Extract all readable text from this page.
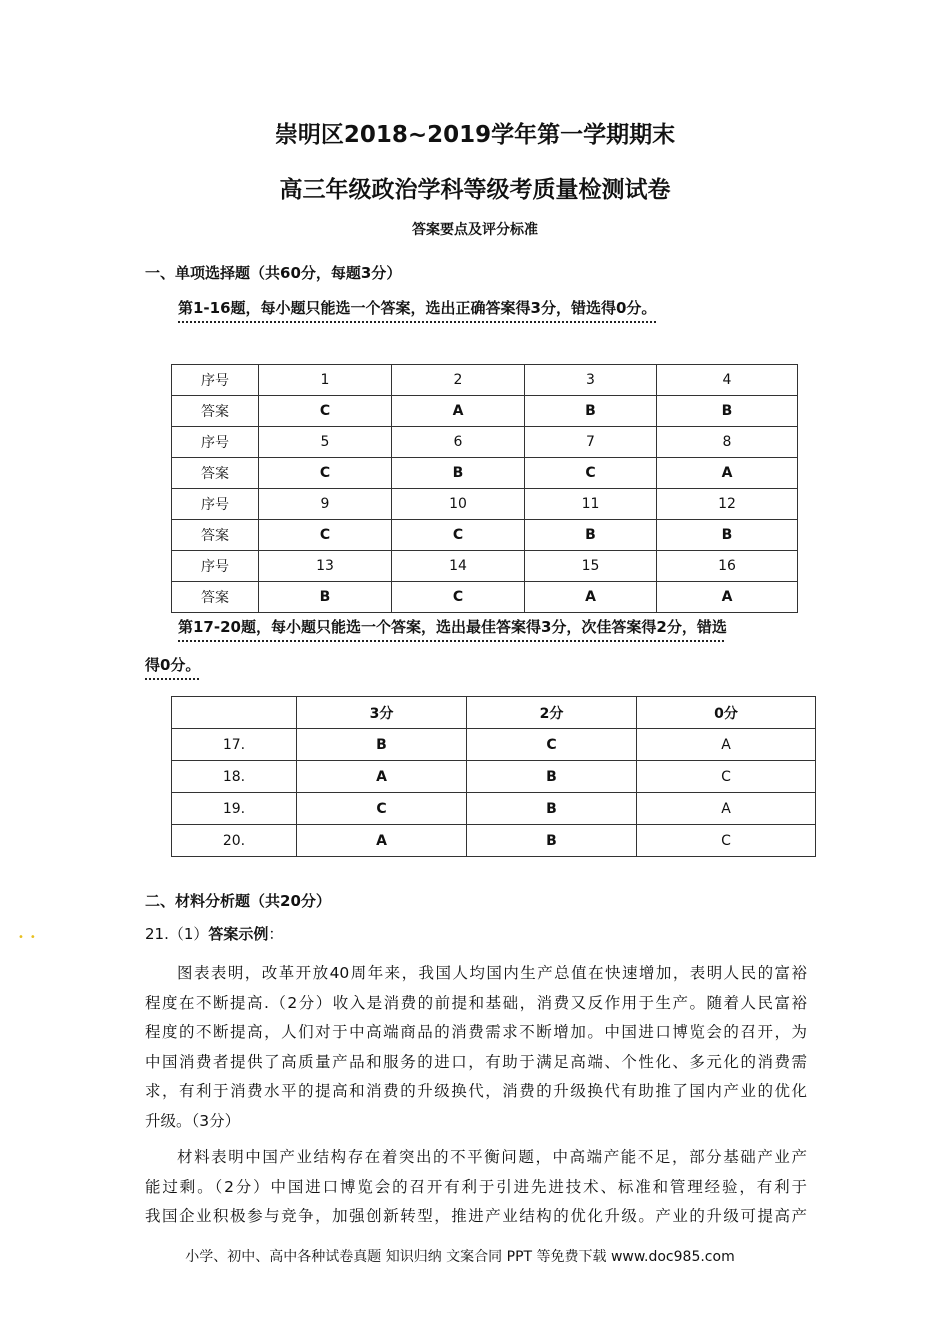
崇明区2018~2019学年第一学期期末
高三年级政治学科等级考质量检测试卷
答案要点及评分标准
一、单项选择题（共60分，每题3分）
第1-16题，每小题只能选一个答案，选出正确答案得3分，错选得0分。
序号	1	2	3	4
答案	C	A	B	B
序号	5	6	7	8
答案	C	B	C	A
序号	9	10	11	12
答案	C	C	B	B
序号	13	14	15	16
答案	B	C	A	A
第17-20题，每小题只能选一个答案，选出最佳答案得3分，次佳答案得2分，错选
得0分。
	3分	2分	0分
17.	B	C	A
18.	A	B	C
19.	C	B	A
20.	A	B	C
二、材料分析题（共20分）
••	21.（1）答案示例：
图表表明，改革开放40周年来，我国人均国内生产总值在快速增加，表明人民的富裕
程度在不断提高.（2分）收入是消费的前提和基础，消费又反作用于生产。随着人民富裕
程度的不断提高，人们对于中高端商品的消费需求不断增加。中国进口博览会的召开，为
中国消费者提供了高质量产品和服务的进口，有助于满足高端、个性化、多元化的消费需
求，有利于消费水平的提高和消费的升级换代，消费的升级换代有助推了国内产业的优化
升级。（3分）
材料表明中国产业结构存在着突出的不平衡问题，中高端产能不足，部分基础产业产
能过剩。（2分）中国进口博览会的召开有利于引进先进技术、标准和管理经验，有利于
我国企业积极参与竞争，加强创新转型，推进产业结构的优化升级。产业的升级可提高产
小学、初中、高中各种试卷真题 知识归纳 文案合同 PPT 等免费下载 www.doc985.com
